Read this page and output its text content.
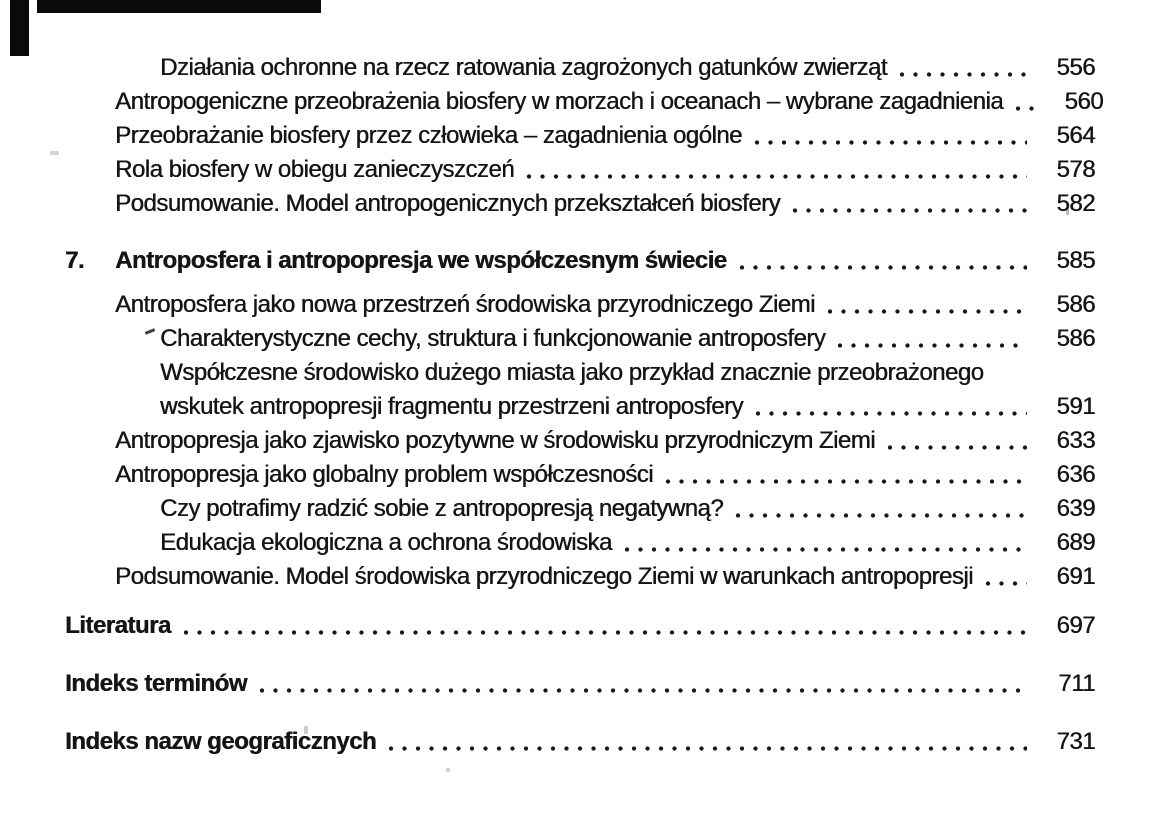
Działania ochronne na rzecz ratowania zagrożonych gatunków zwierząt	556
Antropogeniczne przeobrażenia biosfery w morzach i oceanach – wybrane zagadnienia	560
Przeobrażanie biosfery przez człowieka – zagadnienia ogólne	564
Rola biosfery w obiegu zanieczyszczeń	578
Podsumowanie. Model antropogenicznych przekształceń biosfery	582
7.	Antroposfera i antropopresja we współczesnym świecie	585
Antroposfera jako nowa przestrzeń środowiska przyrodniczego Ziemi	586
Charakterystyczne cechy, struktura i funkcjonowanie antroposfery	586
Współczesne środowisko dużego miasta jako przykład znacznie przeobrażonego
wskutek antropopresji fragmentu przestrzeni antroposfery	591
Antropopresja jako zjawisko pozytywne w środowisku przyrodniczym Ziemi	633
Antropopresja jako globalny problem współczesności	636
Czy potrafimy radzić sobie z antropopresją negatywną?	639
Edukacja ekologiczna a ochrona środowiska	689
Podsumowanie. Model środowiska przyrodniczego Ziemi w warunkach antropopresji	691
Literatura	697
Indeks terminów	711
Indeks nazw geograficznych	731
